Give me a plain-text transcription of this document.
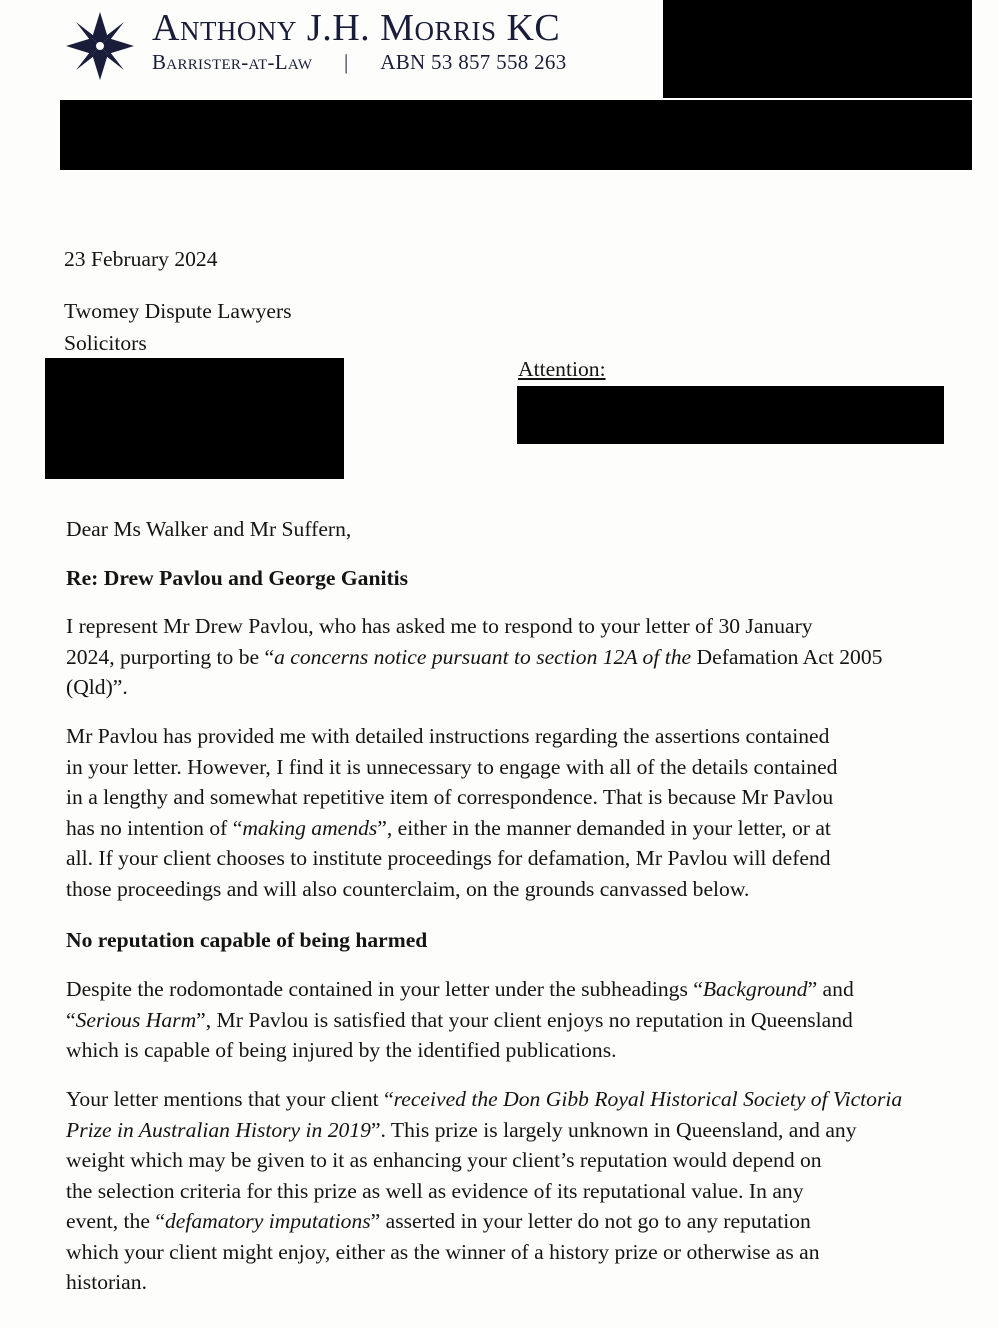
Anthony J.H. Morris KC
Barrister-at-Law | ABN 53 857 558 263
23 February 2024
Twomey Dispute Lawyers
Solicitors
Attention:
Dear Ms Walker and Mr Suffern,
Re: Drew Pavlou and George Ganitis
I represent Mr Drew Pavlou, who has asked me to respond to your letter of 30 January
2024, purporting to be “a concerns notice pursuant to section 12A of the Defamation Act 2005
(Qld)”.
Mr Pavlou has provided me with detailed instructions regarding the assertions contained
in your letter. However, I find it is unnecessary to engage with all of the details contained
in a lengthy and somewhat repetitive item of correspondence. That is because Mr Pavlou
has no intention of “making amends”, either in the manner demanded in your letter, or at
all. If your client chooses to institute proceedings for defamation, Mr Pavlou will defend
those proceedings and will also counterclaim, on the grounds canvassed below.
No reputation capable of being harmed
Despite the rodomontade contained in your letter under the subheadings “Background” and
“Serious Harm”, Mr Pavlou is satisfied that your client enjoys no reputation in Queensland
which is capable of being injured by the identified publications.
Your letter mentions that your client “received the Don Gibb Royal Historical Society of Victoria
Prize in Australian History in 2019”. This prize is largely unknown in Queensland, and any
weight which may be given to it as enhancing your client’s reputation would depend on
the selection criteria for this prize as well as evidence of its reputational value. In any
event, the “defamatory imputations” asserted in your letter do not go to any reputation
which your client might enjoy, either as the winner of a history prize or otherwise as an
historian.
